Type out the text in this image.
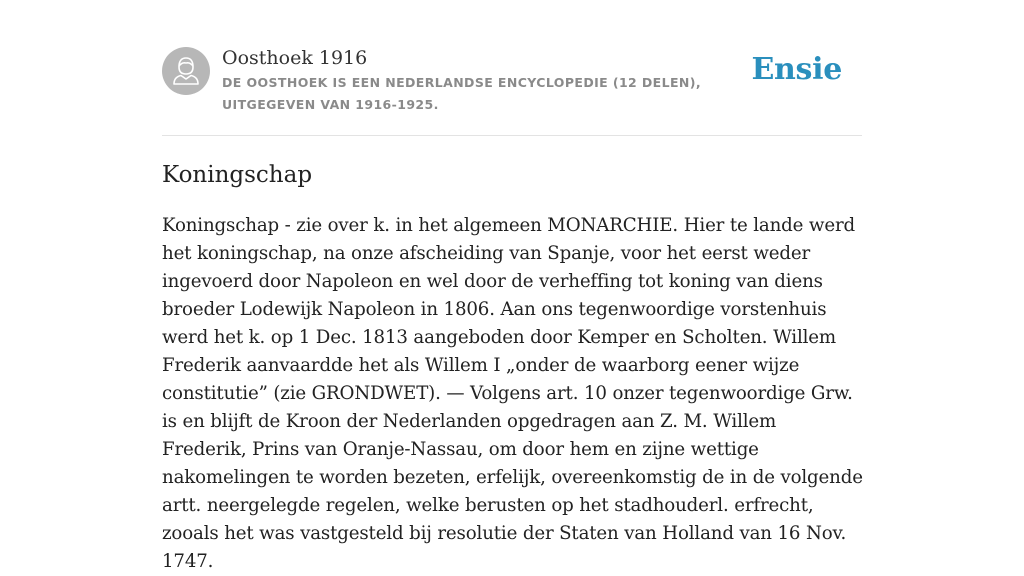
Oosthoek 1916
DE OOSTHOEK IS EEN NEDERLANDSE ENCYCLOPEDIE (12 DELEN), UITGEGEVEN VAN 1916-1925.
Ensie
Koningschap

Koningschap - zie over k. in het algemeen MONARCHIE. Hier te lande werd het koningschap, na onze afscheiding van Spanje, voor het eerst weder ingevoerd door Napoleon en wel door de verheffing tot koning van diens broeder Lodewijk Napoleon in 1806. Aan ons tegenwoordige vorstenhuis werd het k. op 1 Dec. 1813 aangeboden door Kemper en Scholten. Willem Frederik aanvaardde het als Willem I „onder de waarborg eener wijze constitutie” (zie GRONDWET). — Volgens art. 10 onzer tegenwoordige Grw. is en blijft de Kroon der Nederlanden opgedragen aan Z. M. Willem Frederik, Prins van Oranje-Nassau, om door hem en zijne wettige nakomelingen te worden bezeten, erfelijk, overeenkomstig de in de volgende artt. neergelegde regelen, welke berusten op het stadhouderl. erfrecht, zooals het was vastgesteld bij resolutie der Staten van Holland van 16 Nov. 1747.
